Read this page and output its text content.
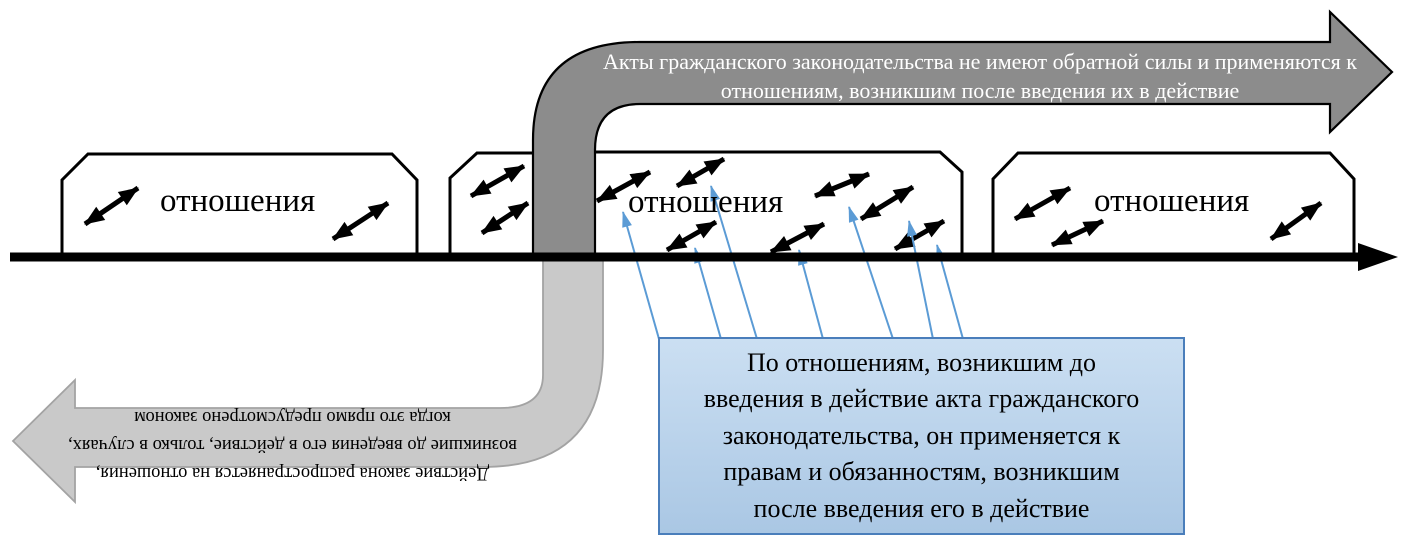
Акты гражданского законодательства не имеют обратной силы и применяются к
отношениям, возникшим после введения их в действие
Действие закона распространяется на отношения,
возникшие до введения его в действие, только в случаях,
когда это прямо предусмотрено законом
отношения	отношения	отношения
По отношениям, возникшим до
введения в действие акта гражданского
законодательства, он применяется к
правам и обязанностям, возникшим
после введения его в действие
